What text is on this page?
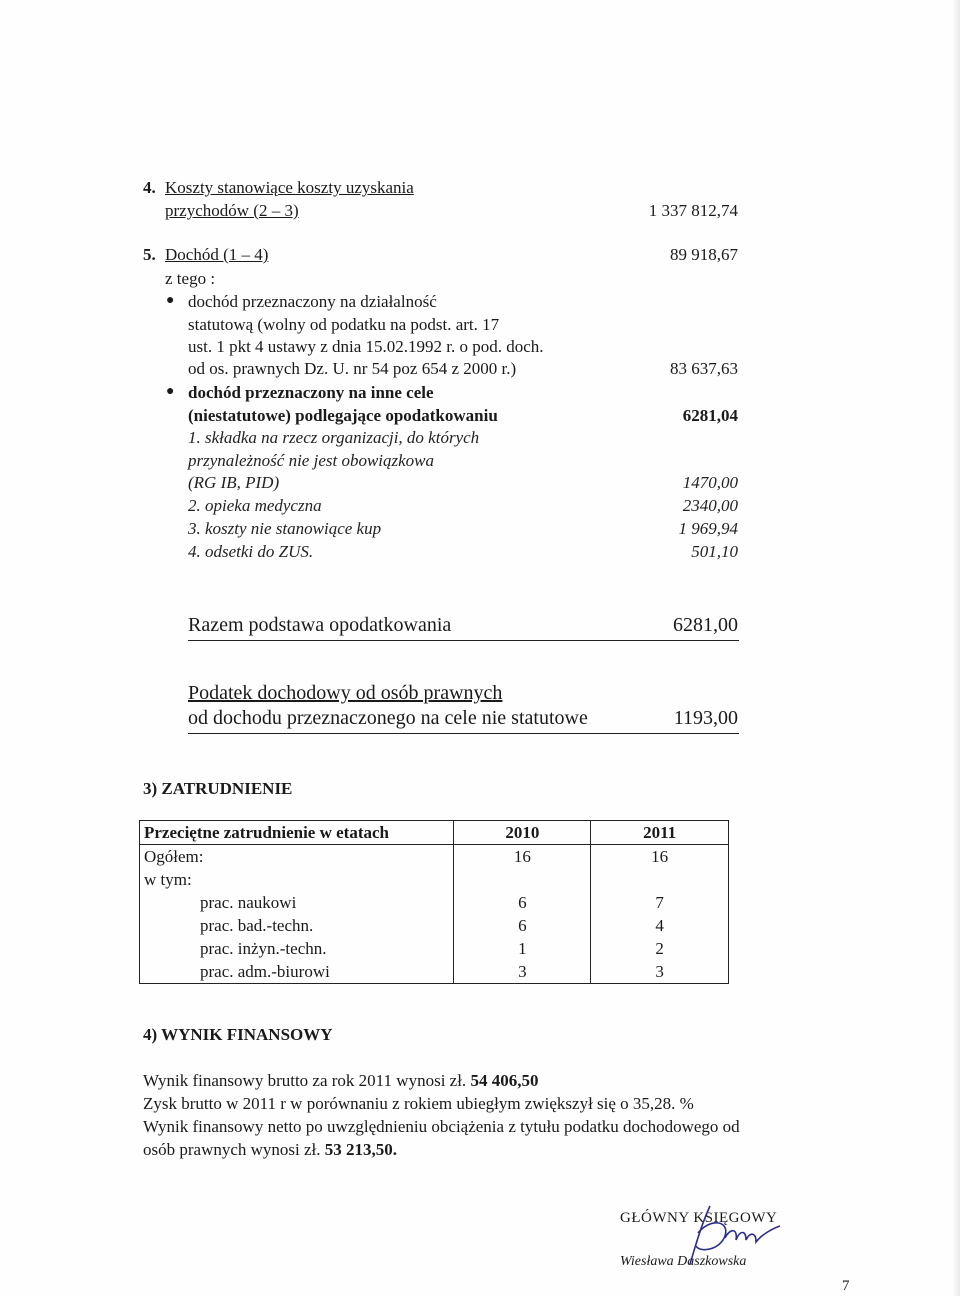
4. Koszty stanowiące koszty uzyskania
przychodów (2 – 3)	1 337 812,74
5. Dochód (1 – 4)	89 918,67
z tego :
● dochód przeznaczony na działalność
statutową (wolny od podatku na podst. art. 17
ust. 1 pkt 4 ustawy z dnia 15.02.1992 r. o pod. doch.
od os. prawnych Dz. U. nr 54 poz 654 z 2000 r.)	83 637,63
● dochód przeznaczony na inne cele
(niestatutowe) podlegające opodatkowaniu	6281,04
1. składka na rzecz organizacji, do których
przynależność nie jest obowiązkowa
(RG IB, PID)	1470,00
2. opieka medyczna	2340,00
3. koszty nie stanowiące kup	1 969,94
4. odsetki do ZUS.	501,10
Razem podstawa opodatkowania	6281,00
Podatek dochodowy od osób prawnych
od dochodu przeznaczonego na cele nie statutowe	1193,00
3) ZATRUDNIENIE
Przeciętne zatrudnienie w etatach	2010	2011
Ogółem:	16	16
w tym:		
prac. naukowi	6	7
prac. bad.-techn.	6	4
prac. inżyn.-techn.	1	2
prac. adm.-biurowi	3	3
4) WYNIK FINANSOWY
Wynik finansowy brutto za rok 2011 wynosi zł. 54 406,50
Zysk brutto w 2011 r w porównaniu z rokiem ubiegłym zwiększył się o 35,28. %
Wynik finansowy netto po uwzględnieniu obciążenia z tytułu podatku dochodowego od
osób prawnych wynosi zł. 53 213,50.
GŁÓWNY KSIĘGOWY
Wiesława Daszkowska
7
